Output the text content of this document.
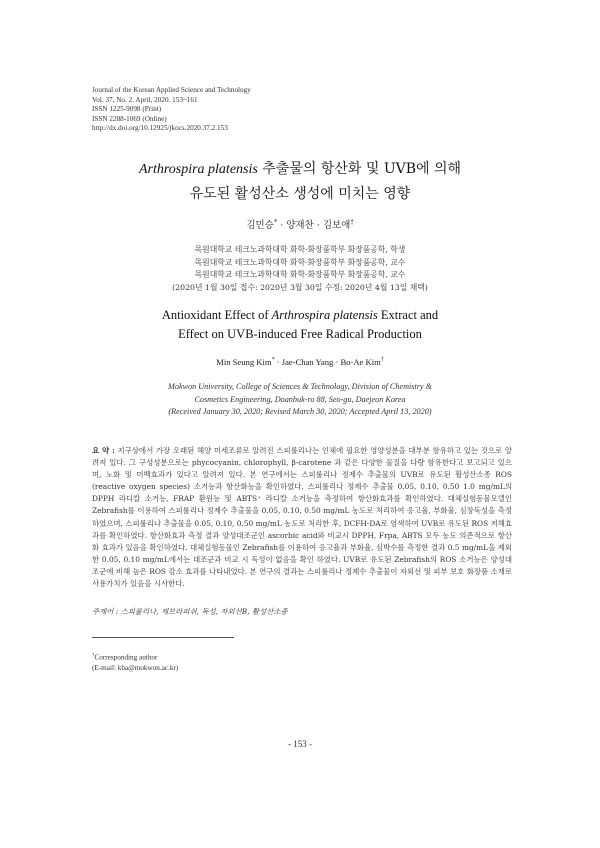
Journal of the Korean Applied Science and Technology
Vol. 37, No. 2. April, 2020. 153~161
ISSN 1225-9098 (Print)
ISSN 2288-1069 (Online)
http://dx.doi.org/10.12925/jkocs.2020.37.2.153
Arthrospira platensis 추출물의 항산화 및 UVB에 의해
유도된 활성산소 생성에 미치는 영향
김민승* · 양재찬 · 김보애†
목원대학교 테크노과학대학 화학·화장품학부 화장품공학, 학생
목원대학교 테크노과학대학 화학·화장품학부 화장품공학, 교수
목원대학교 테크노과학대학 화학·화장품학부 화장품공학, 교수
(2020년 1월 30일 접수: 2020년 3월 30일 수정: 2020년 4월 13일 채택)
Antioxidant Effect of Arthrospira platensis Extract and
Effect on UVB-induced Free Radical Production
Min Seung Kim* · Jae-Chan Yang · Bo-Ae Kim†
Mokwon University, College of Sciences & Technology, Division of Chemistry &
Cosmetics Engineering, Doanbuk-ro 88, Seo-gu, Daejeon Korea
(Received January 30, 2020; Revised March 30, 2020; Accepted April 13, 2020)
요 약 : 지구상에서 가장 오래된 해양 미세조류로 알려진 스피룰리나는 인체에 필요한 영양성분을 대부분 함유하고 있는 것으로 알려져 있다. 그 구성성분으로는 phycocyanin, chlorophyll, β-carotene 과 같은 다양한 물질을 다량 함유한다고 보고되고 있으며, 노화 및 미백효과가 있다고 알려져 있다. 본 연구에서는 스피룰리나 정제수 추출물의 UVB로 유도된 활성산소종 ROS (reactive oxygen species) 소거능과 항산화능을 확인하였다. 스피룰리나 정제수 추출물 0.05, 0.10, 0.50 1.0 mg/mL의 DPPH 라디칼 소거능, FRAP 환원능 및 ABTS⁺ 라디칼 소거능을 측정하여 항산화효과를 확인하였다. 대체실험동물모델인 Zebrafish를 이용하여 스피룰리나 정제수 추출물을 0.05, 0.10, 0.50 mg/mL 농도로 처리하여 응고율, 부화율, 심장독성을 측정하였으며, 스피룰리나 추출물을 0.05, 0.10, 0.50 mg/mL 농도로 처리한 후, DCFH-DA로 염색하여 UVB로 유도된 ROS 저해효과를 확인하였다. 항산화효과 측정 결과 양성대조군인 ascorbic acid와 비교시 DPPH, Frpa, ABTS 모두 농도 의존적으로 항산화 효과가 있음을 확인하였다. 대체실험동물인 Zebrafish를 이용하여 응고율과 부화율, 심박수를 측정한 결과 0.5 mg/mL을 제외한 0.05, 0.10 mg/mL에서는 대조군과 비교 시 독성이 없음을 확인 하였다. UVB로 유도된 Zebrafish의 ROS 소거능은 양성대조군에 비해 높은 ROS 감소 효과를 나타내었다. 본 연구의 결과는 스피룰리나 정제수 추출물이 자외선 및 피부 보호 화장품 소재로 사용가치가 있음을 시사한다.
주제어 : 스피룰리나, 제브라피쉬, 독성, 자외선B, 활성산소종
†Corresponding author
(E-mail: kba@mokwon.ac.kr)
- 153 -
